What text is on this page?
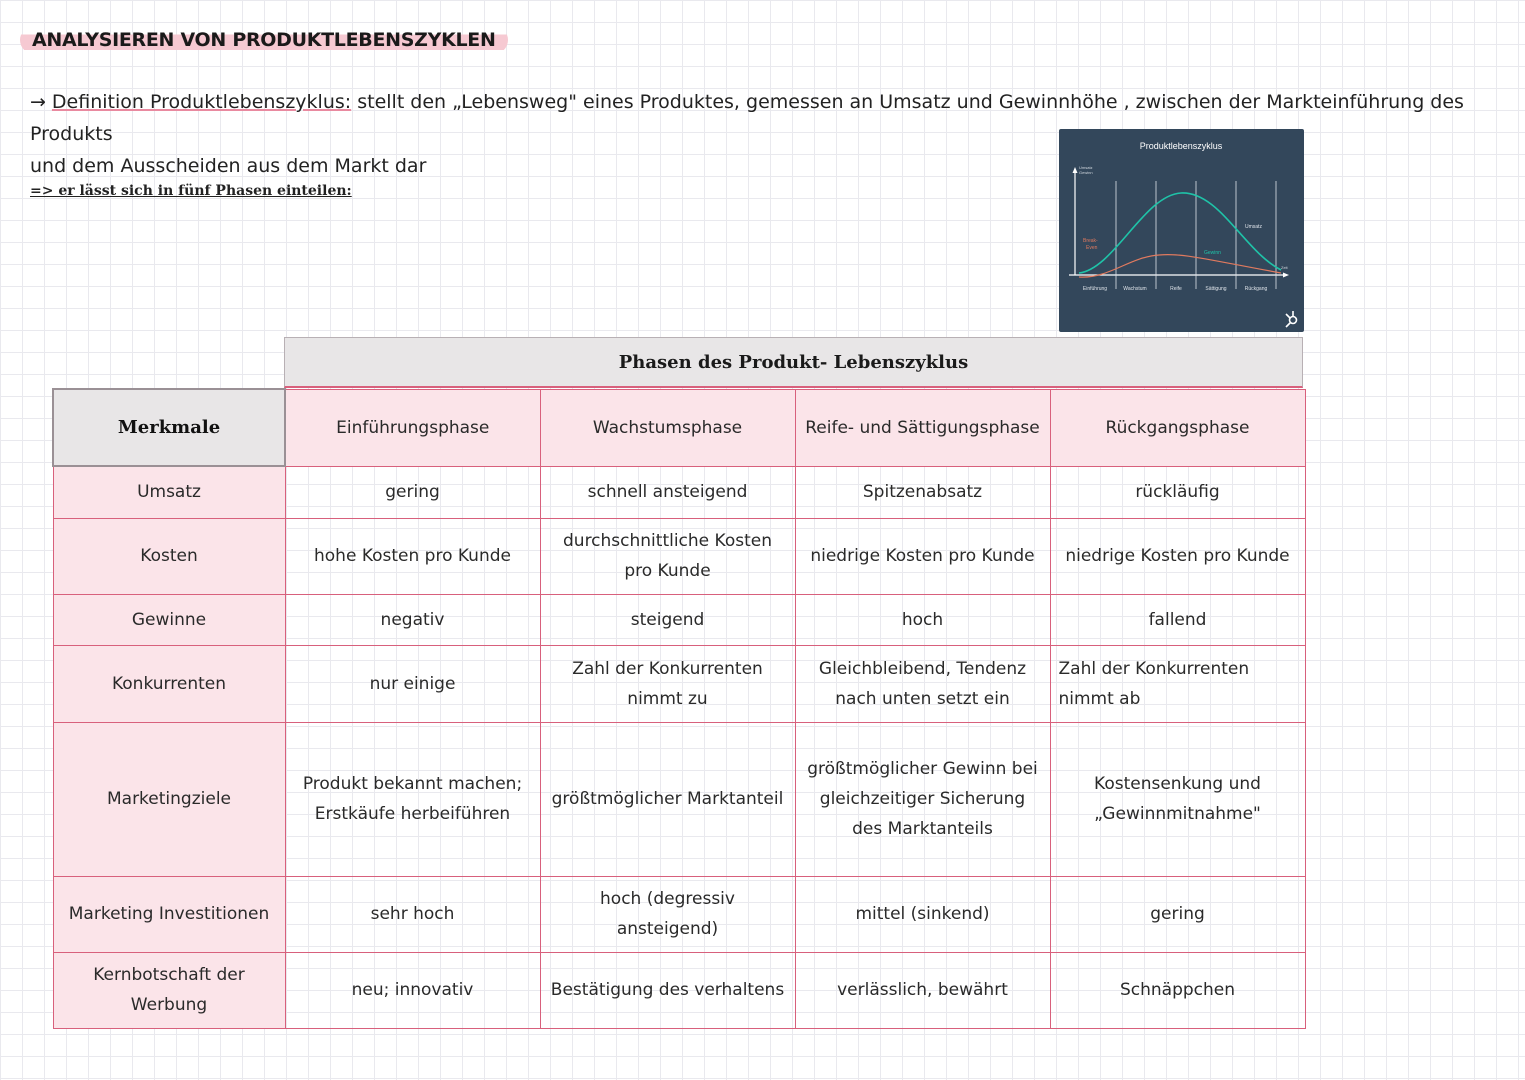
ANALYSIEREN VON PRODUKTLEBENSZYKLEN
→ Definition Produktlebenszyklus: stellt den „Lebensweg" eines Produktes, gemessen an Umsatz und Gewinnhöhe , zwischen der Markteinführung des Produkts
und dem Ausscheiden aus dem Markt dar
=> er lässt sich in fünf Phasen einteilen:
Produktlebenszyklus
Umsatz
Gewinn
Zeit
Break-
Even
Umsatz
Gewinn
Einführung	Wachstum	Reife	Sättigung	Rückgang
Phasen des Produkt- Lebenszyklus
Merkmale	Einführungsphase	Wachstumsphase	Reife- und Sättigungsphase	Rückgangsphase
Umsatz	gering	schnell ansteigend	Spitzenabsatz	rückläufig
Kosten	hohe Kosten pro Kunde	durchschnittliche Kosten pro Kunde	niedrige Kosten pro Kunde	niedrige Kosten pro Kunde
Gewinne	negativ	steigend	hoch	fallend
Konkurrenten	nur einige	Zahl der Konkurrenten nimmt zu	Gleichbleibend, Tendenz nach unten setzt ein	Zahl der Konkurrenten nimmt ab
Marketingziele	Produkt bekannt machen; Erstkäufe herbeiführen	größtmöglicher Marktanteil	größtmöglicher Gewinn bei gleichzeitiger Sicherung des Marktanteils	Kostensenkung und „Gewinnmitnahme"
Marketing Investitionen	sehr hoch	hoch (degressiv ansteigend)	mittel (sinkend)	gering
Kernbotschaft der Werbung	neu; innovativ	Bestätigung des verhaltens	verlässlich, bewährt	Schnäppchen
